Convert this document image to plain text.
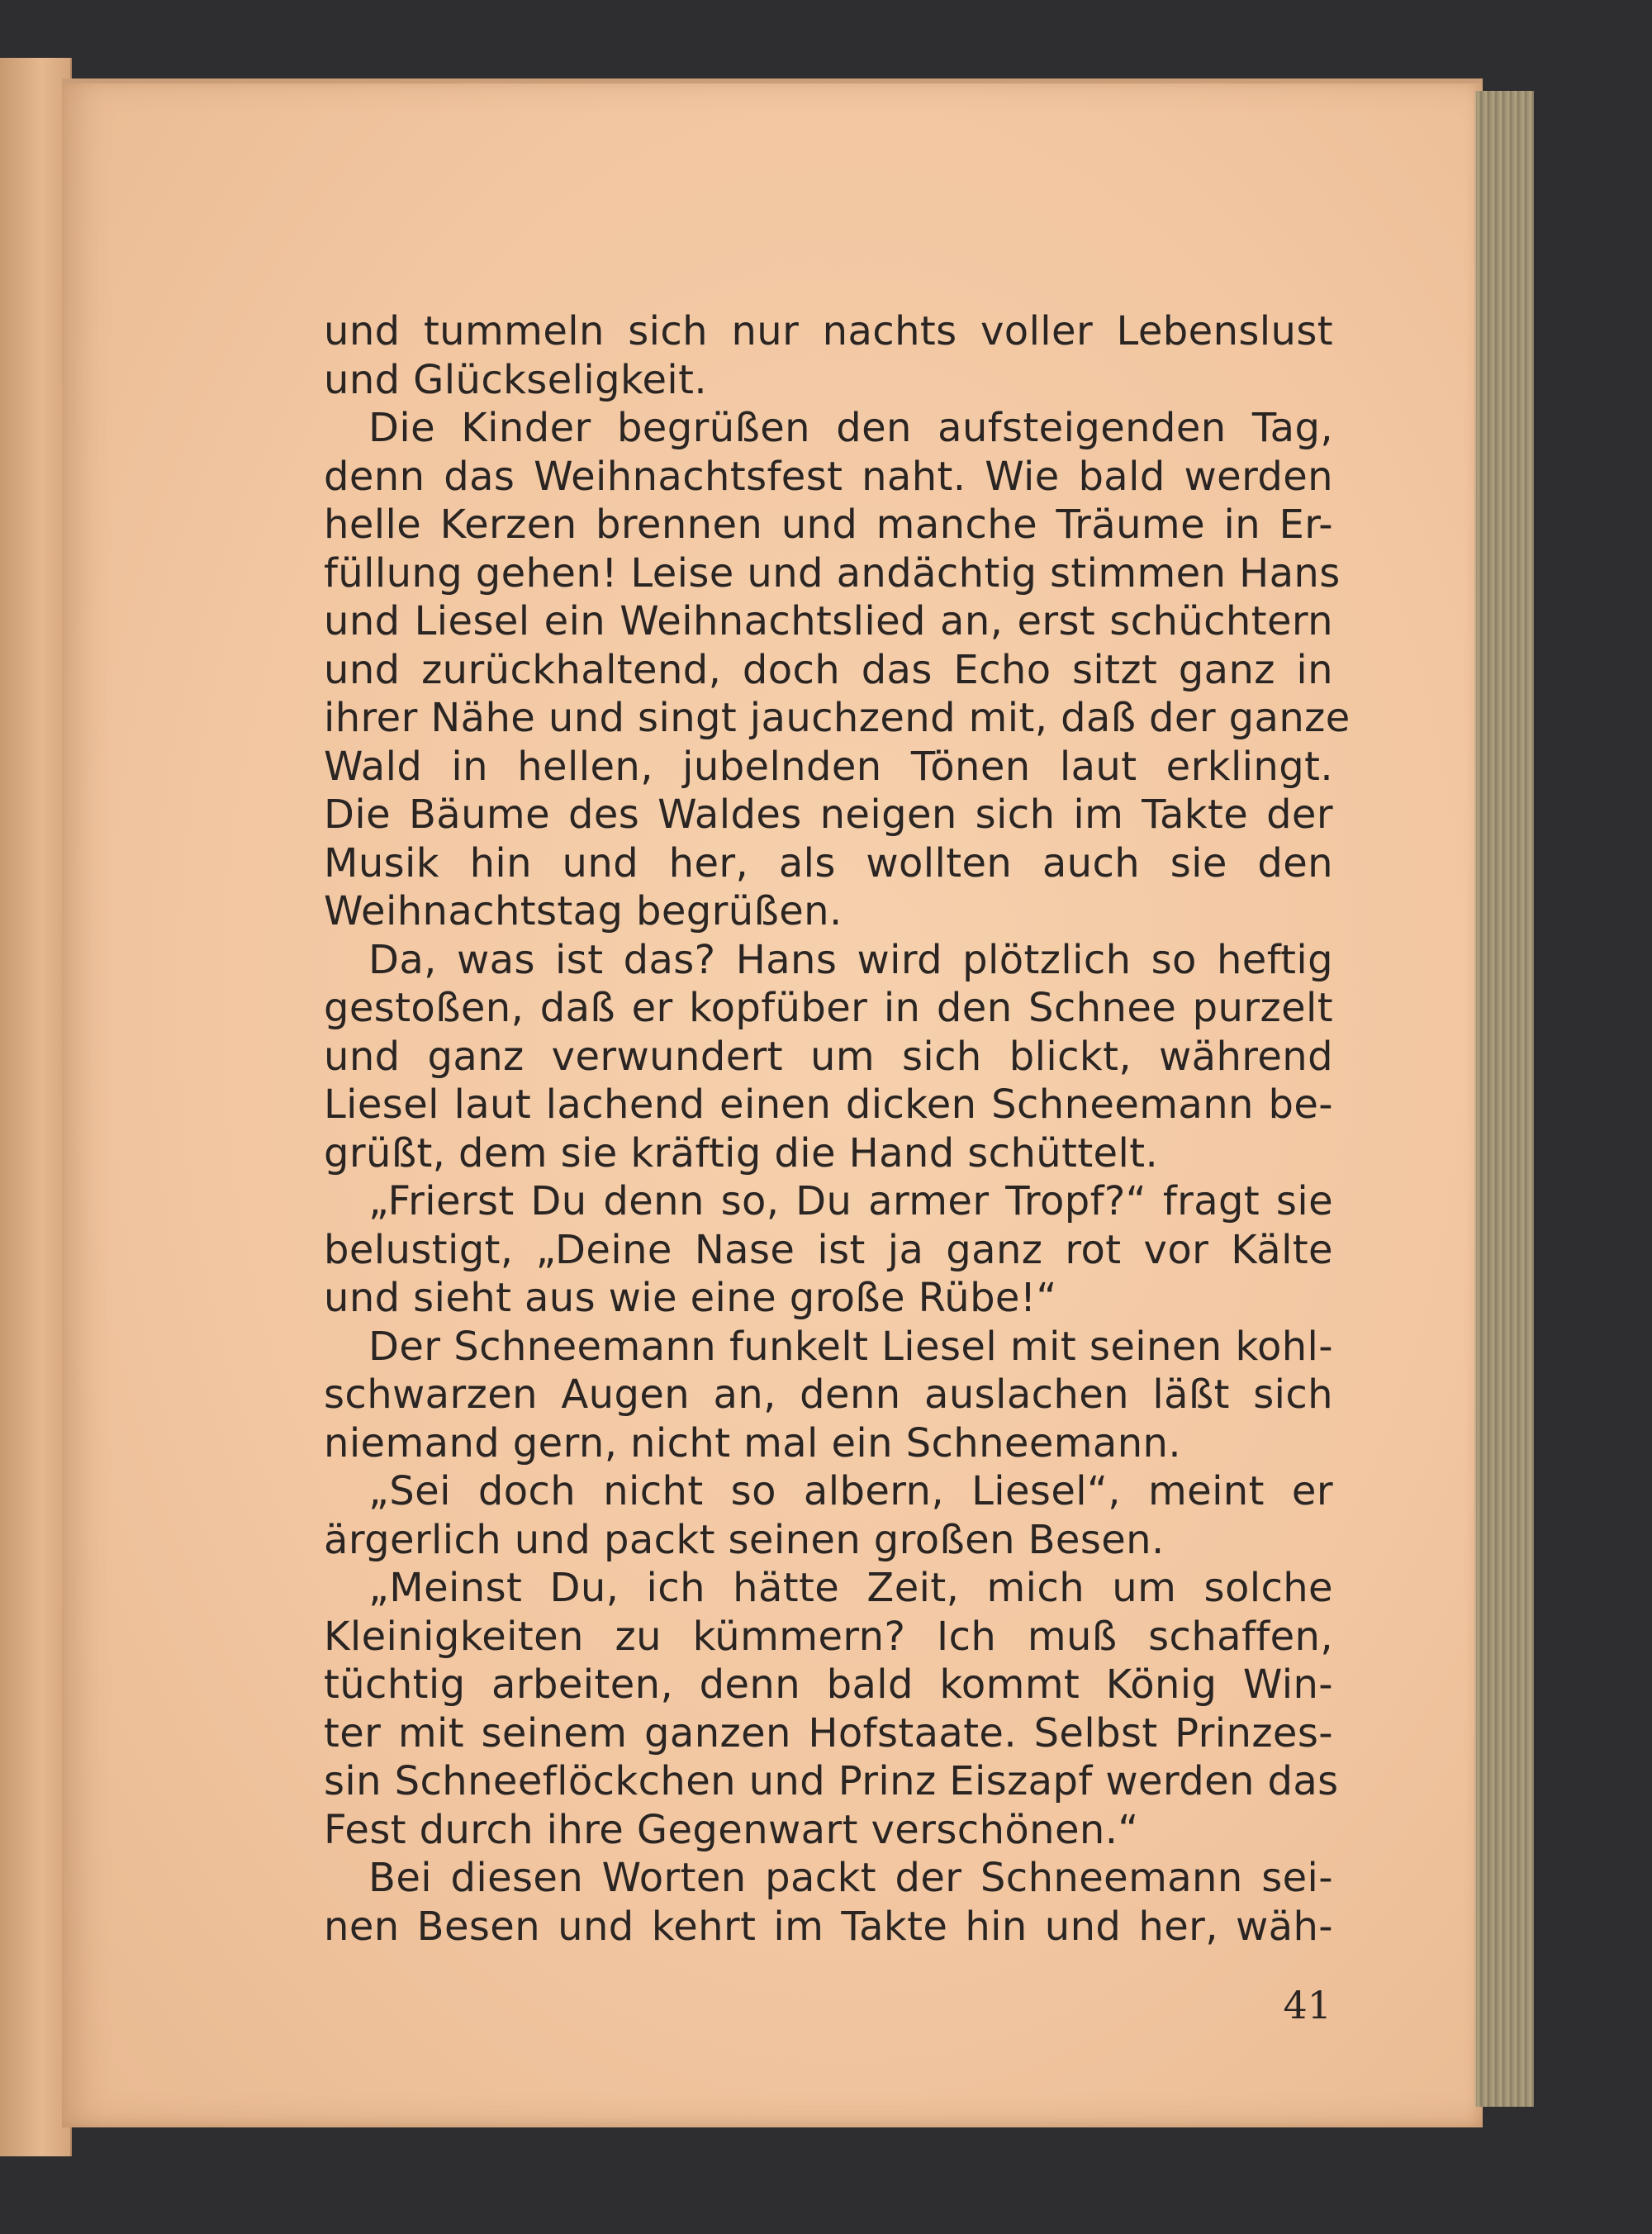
und tummeln sich nur nachts voller Lebenslust
und Glückseligkeit.
Die Kinder begrüßen den aufsteigenden Tag,
denn das Weihnachtsfest naht. Wie bald werden
helle Kerzen brennen und manche Träume in Er-
füllung gehen! Leise und andächtig stimmen Hans
und Liesel ein Weihnachtslied an, erst schüchtern
und zurückhaltend, doch das Echo sitzt ganz in
ihrer Nähe und singt jauchzend mit, daß der ganze
Wald in hellen, jubelnden Tönen laut erklingt.
Die Bäume des Waldes neigen sich im Takte der
Musik hin und her, als wollten auch sie den
Weihnachtstag begrüßen.
Da, was ist das? Hans wird plötzlich so heftig
gestoßen, daß er kopfüber in den Schnee purzelt
und ganz verwundert um sich blickt, während
Liesel laut lachend einen dicken Schneemann be-
grüßt, dem sie kräftig die Hand schüttelt.
„Frierst Du denn so, Du armer Tropf?“ fragt sie
belustigt, „Deine Nase ist ja ganz rot vor Kälte
und sieht aus wie eine große Rübe!“
Der Schneemann funkelt Liesel mit seinen kohl-
schwarzen Augen an, denn auslachen läßt sich
niemand gern, nicht mal ein Schneemann.
„Sei doch nicht so albern, Liesel“, meint er
ärgerlich und packt seinen großen Besen.
„Meinst Du, ich hätte Zeit, mich um solche
Kleinigkeiten zu kümmern? Ich muß schaffen,
tüchtig arbeiten, denn bald kommt König Win-
ter mit seinem ganzen Hofstaate. Selbst Prinzes-
sin Schneeflöckchen und Prinz Eiszapf werden das
Fest durch ihre Gegenwart verschönen.“
Bei diesen Worten packt der Schneemann sei-
nen Besen und kehrt im Takte hin und her, wäh-
41
